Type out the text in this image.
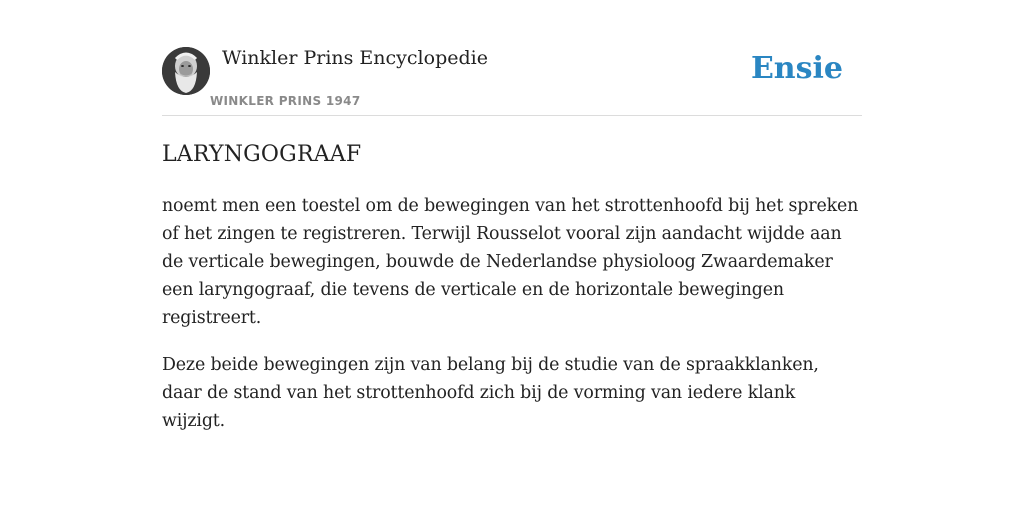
Winkler Prins Encyclopedie
WINKLER PRINS 1947
Ensie
LARYNGOGRAAF

noemt men een toestel om de bewegingen van het strottenhoofd bij het spreken of het zingen te registreren. Terwijl Rousselot vooral zijn aandacht wijdde aan de verticale bewegingen, bouwde de Nederlandse physioloog Zwaardemaker een laryngograaf, die tevens de verticale en de horizontale bewegingen registreert.

Deze beide bewegingen zijn van belang bij de studie van de spraakklanken, daar de stand van het strottenhoofd zich bij de vorming van iedere klank wijzigt.
